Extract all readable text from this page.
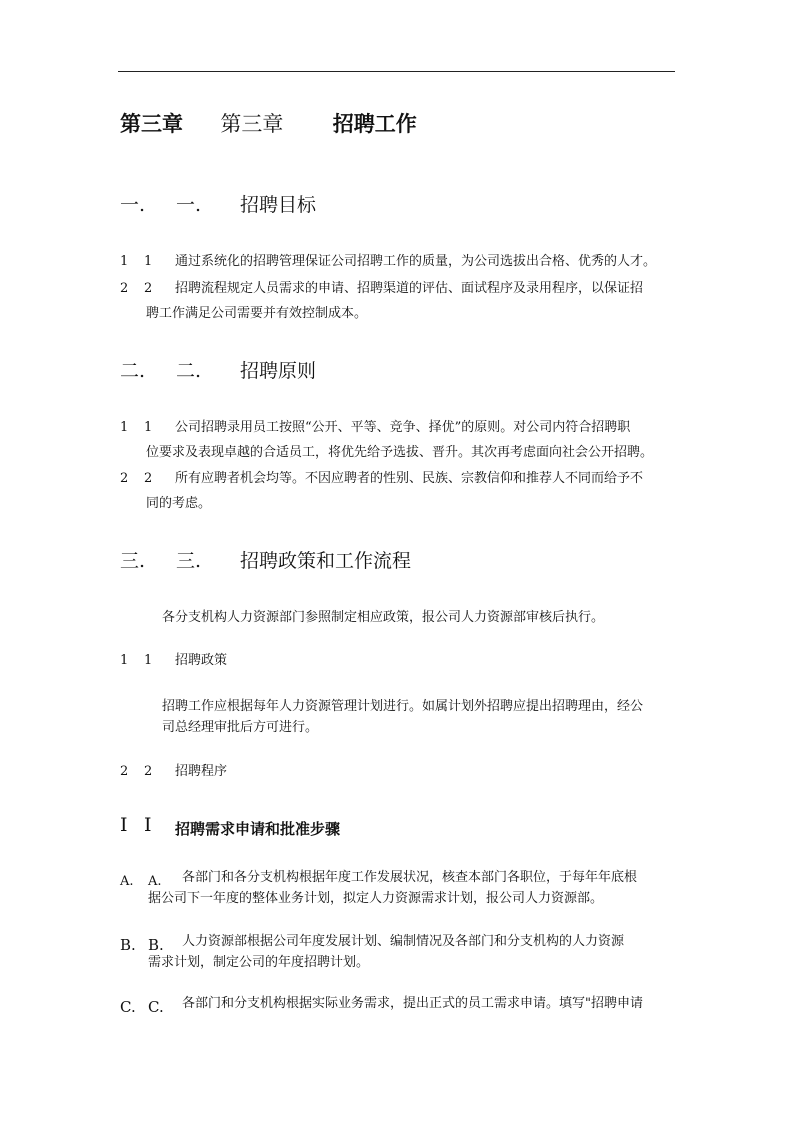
第三章 第三章 招聘工作
一. 一. 招聘目标
1 1 通过系统化的招聘管理保证公司招聘工作的质量，为公司选拔出合格、优秀的人才。
2 2 招聘流程规定人员需求的申请、招聘渠道的评估、面试程序及录用程序，以保证招
聘工作满足公司需要并有效控制成本。
二. 二. 招聘原则
1 1 公司招聘录用员工按照“公开、平等、竞争、择优”的原则。对公司内符合招聘职
位要求及表现卓越的合适员工，将优先给予选拔、晋升。其次再考虑面向社会公开招聘。
2 2 所有应聘者机会均等。不因应聘者的性别、民族、宗教信仰和推荐人不同而给予不
同的考虑。
三. 三. 招聘政策和工作流程
各分支机构人力资源部门参照制定相应政策，报公司人力资源部审核后执行。
1 1 招聘政策
招聘工作应根据每年人力资源管理计划进行。如属计划外招聘应提出招聘理由，经公
司总经理审批后方可进行。
2 2 招聘程序
I I 招聘需求申请和批准步骤
A. A. 各部门和各分支机构根据年度工作发展状况，核查本部门各职位，于每年年底根
据公司下一年度的整体业务计划，拟定人力资源需求计划，报公司人力资源部。
B. B. 人力资源部根据公司年度发展计划、编制情况及各部门和分支机构的人力资源
需求计划，制定公司的年度招聘计划。
C. C. 各部门和分支机构根据实际业务需求，提出正式的员工需求申请。填写"招聘申请
